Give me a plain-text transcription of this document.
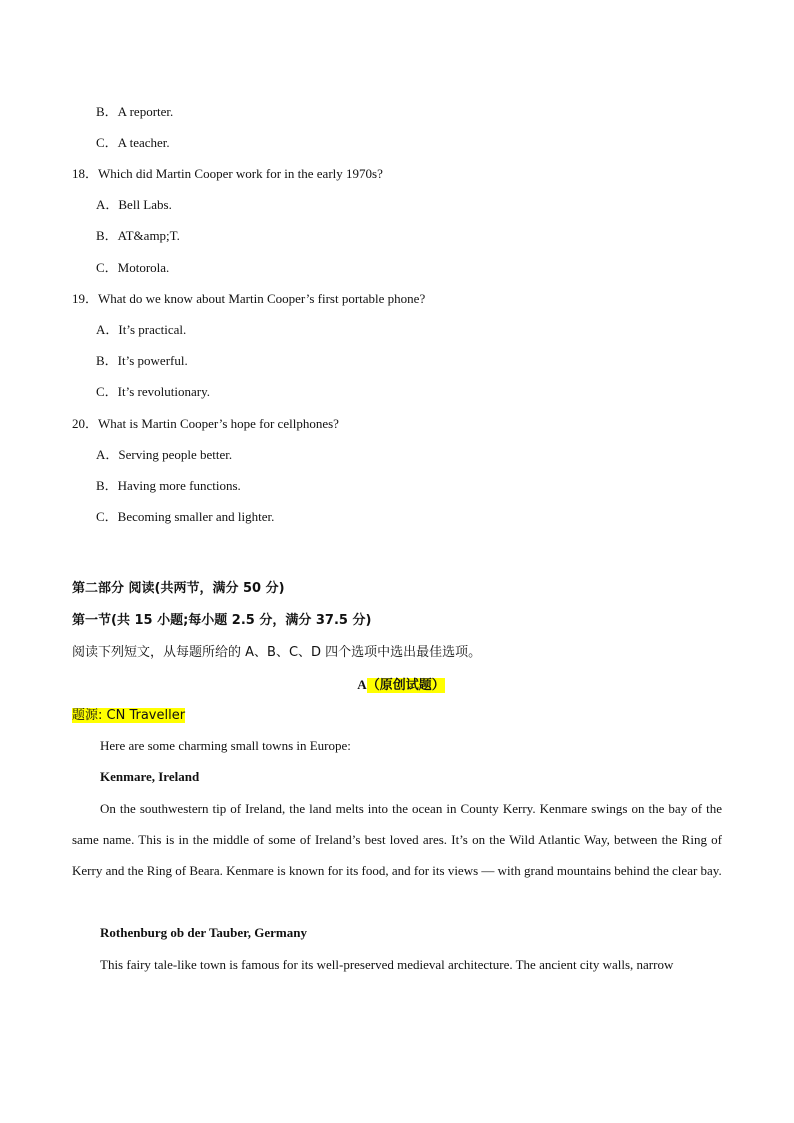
B．A reporter.
C．A teacher.
18．Which did Martin Cooper work for in the early 1970s?
A．Bell Labs.
B．AT&amp;T.
C．Motorola.
19．What do we know about Martin Cooper’s first portable phone?
A．It’s practical.
B．It’s powerful.
C．It’s revolutionary.
20．What is Martin Cooper’s hope for cellphones?
A．Serving people better.
B．Having more functions.
C．Becoming smaller and lighter.
第二部分 阅读(共两节，满分 50 分)
第一节(共 15 小题;每小题 2.5 分，满分 37.5 分)
阅读下列短文，从每题所给的 A、B、C、D 四个选项中选出最佳选项。
A（原创试题）
题源: CN Traveller
Here are some charming small towns in Europe:
Kenmare, Ireland
On the southwestern tip of Ireland, the land melts into the ocean in County Kerry. Kenmare swings on the bay of the same name. This is in the middle of some of Ireland’s best loved ares. It’s on the Wild Atlantic Way, between the Ring of Kerry and the Ring of Beara. Kenmare is known for its food, and for its views — with grand mountains behind the clear bay.
Rothenburg ob der Tauber, Germany
This fairy tale-like town is famous for its well-preserved medieval architecture. The ancient city walls, narrow
